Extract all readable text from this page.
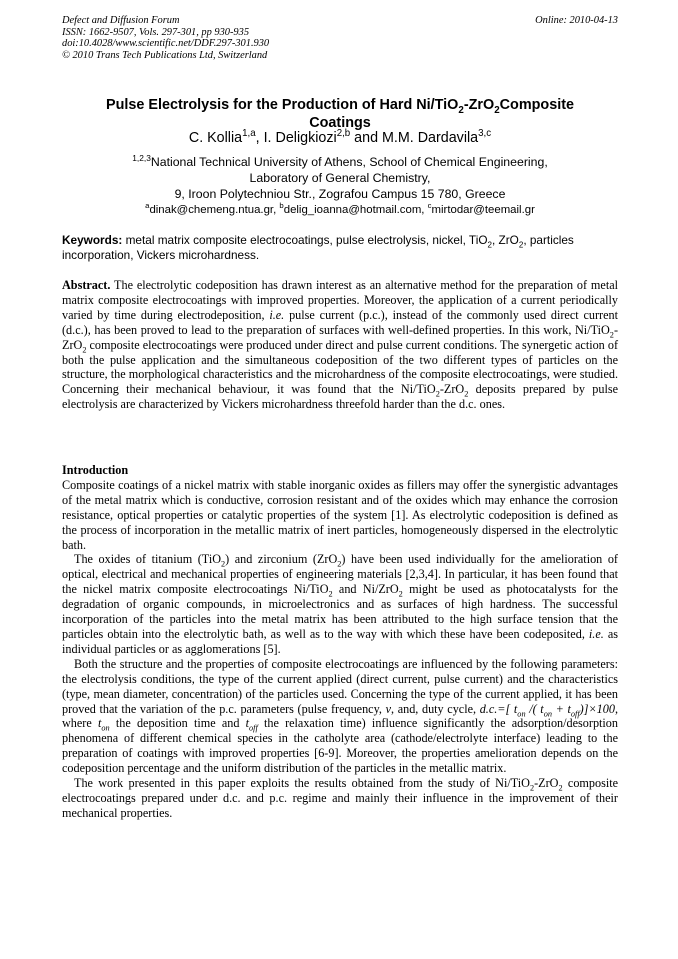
Defect and Diffusion Forum
ISSN: 1662-9507, Vols. 297-301, pp 930-935
doi:10.4028/www.scientific.net/DDF.297-301.930
© 2010 Trans Tech Publications Ltd, Switzerland
Online: 2010-04-13
Pulse Electrolysis for the Production of Hard Ni/TiO$_2$-ZrO$_2$Composite
Coatings
C. Kollia$^{1,a}$, I. Deligkiozi$^{2,b}$ and M.M. Dardavila$^{3,c}$
$^{1,2,3}$National Technical University of Athens, School of Chemical Engineering,
Laboratory of General Chemistry,
9, Iroon Polytechniou Str., Zografou Campus 15 780, Greece
$^a$dinak@chemeng.ntua.gr, $^b$delig_ioanna@hotmail.com, $^c$mirtodar@teemail.gr
Keywords: metal matrix composite electrocoatings, pulse electrolysis, nickel, TiO$_2$, ZrO$_2$, particles incorporation, Vickers microhardness.

Abstract. The electrolytic codeposition has drawn interest as an alternative method for the preparation of metal matrix composite electrocoatings with improved properties. Moreover, the application of a current periodically varied by time during electrodeposition, i.e. pulse current (p.c.), instead of the commonly used direct current (d.c.), has been proved to lead to the preparation of surfaces with well-defined properties. In this work, Ni/TiO$_2$-ZrO$_2$ composite electrocoatings were produced under direct and pulse current conditions. The synergetic action of both the pulse application and the simultaneous codeposition of the two different types of particles on the structure, the morphological characteristics and the microhardness of the composite electrocoatings, were studied. Concerning their mechanical behaviour, it was found that the Ni/TiO$_2$-ZrO$_2$ deposits prepared by pulse electrolysis are characterized by Vickers microhardness threefold harder than the d.c. ones.

Introduction

Composite coatings of a nickel matrix with stable inorganic oxides as fillers may offer the synergistic advantages of the metal matrix which is conductive, corrosion resistant and of the oxides which may enhance the corrosion resistance, optical properties or catalytic properties of the system [1]. As electrolytic codeposition is defined as the process of incorporation in the metallic matrix of inert particles, homogeneously dispersed in the electrolytic bath.

The oxides of titanium (TiO$_2$) and zirconium (ZrO$_2$) have been used individually for the amelioration of optical, electrical and mechanical properties of engineering materials [2,3,4]. In particular, it has been found that the nickel matrix composite electrocoatings Ni/TiO$_2$ and Ni/ZrO$_2$ might be used as photocatalysts for the degradation of organic compounds, in microelectronics and as surfaces of high hardness. The successful incorporation of the particles into the metal matrix has been attributed to the high surface tension that the particles obtain into the electrolytic bath, as well as to the way with which these have been codeposited, i.e. as individual particles or as agglomerations [5].

Both the structure and the properties of composite electrocoatings are influenced by the following parameters: the electrolysis conditions, the type of the current applied (direct current, pulse current) and the characteristics (type, mean diameter, concentration) of the particles used. Concerning the type of the current applied, it has been proved that the variation of the p.c. parameters (pulse frequency, ν, and, duty cycle, d.c.=[ $t_{on}$ /( $t_{on} + t_{off})]\times 100$, where $t_{on}$ the deposition time and $t_{off}$ the relaxation time) influence significantly the adsorption/desorption phenomena of different chemical species in the catholyte area (cathode/electrolyte interface) leading to the preparation of coatings with improved properties [6-9]. Moreover, the properties amelioration depends on the codeposition percentage and the uniform distribution of the particles in the metallic matrix.

The work presented in this paper exploits the results obtained from the study of Ni/TiO$_2$-ZrO$_2$ composite electrocoatings prepared under d.c. and p.c. regime and mainly their influence in the improvement of their mechanical properties.
